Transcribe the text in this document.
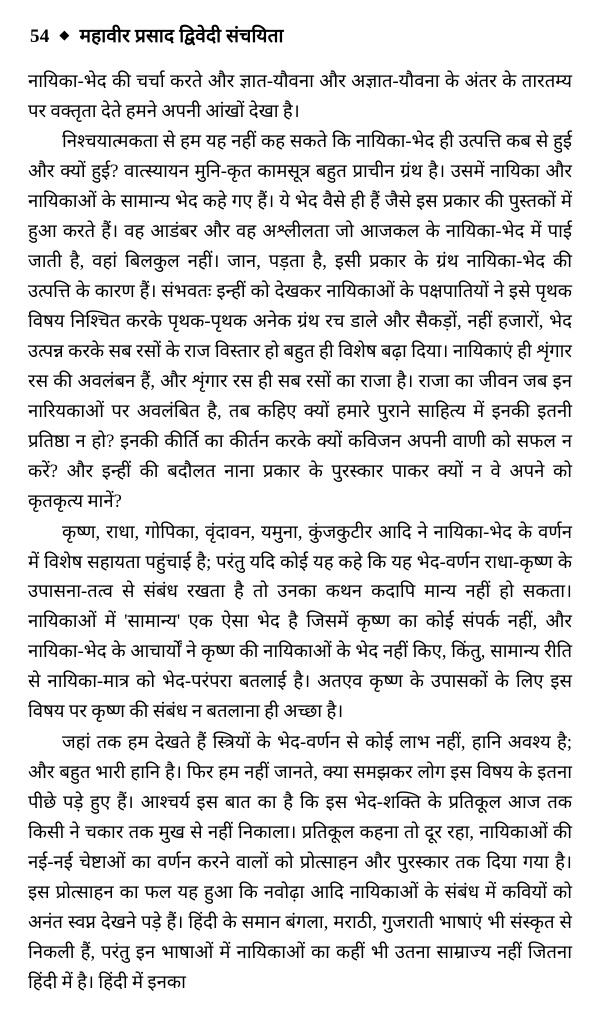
54 ◆ महावीर प्रसाद द्विवेदी संचयिता

नायिका-भेद की चर्चा करते और ज्ञात-यौवना और अज्ञात-यौवना के अंतर के तारतम्य पर वक्तृता देते हमने अपनी आंखों देखा है।

निश्चयात्मकता से हम यह नहीं कह सकते कि नायिका-भेद ही उत्पत्ति कब से हुई और क्यों हुई? वात्स्यायन मुनि-कृत कामसूत्र बहुत प्राचीन ग्रंथ है। उसमें नायिका और नायिकाओं के सामान्य भेद कहे गए हैं। ये भेद वैसे ही हैं जैसे इस प्रकार की पुस्तकों में हुआ करते हैं। वह आडंबर और वह अश्लीलता जो आजकल के नायिका-भेद में पाई जाती है, वहां बिलकुल नहीं। जान, पड़ता है, इसी प्रकार के ग्रंथ नायिका-भेद की उत्पत्ति के कारण हैं। संभवतः इन्हीं को देखकर नायिकाओं के पक्षपातियों ने इसे पृथक विषय निश्चित करके पृथक-पृथक अनेक ग्रंथ रच डाले और सैकड़ों, नहीं हजारों, भेद उत्पन्न करके सब रसों के राज विस्तार हो बहुत ही विशेष बढ़ा दिया। नायिकाएं ही शृंगार रस की अवलंबन हैं, और शृंगार रस ही सब रसों का राजा है। राजा का जीवन जब इन नारियकाओं पर अवलंबित है, तब कहिए क्यों हमारे पुराने साहित्य में इनकी इतनी प्रतिष्ठा न हो? इनकी कीर्ति का कीर्तन करके क्यों कविजन अपनी वाणी को सफल न करें? और इन्हीं की बदौलत नाना प्रकार के पुरस्कार पाकर क्यों न वे अपने को कृतकृत्य मानें?

कृष्ण, राधा, गोपिका, वृंदावन, यमुना, कुंजकुटीर आदि ने नायिका-भेद के वर्णन में विशेष सहायता पहुंचाई है; परंतु यदि कोई यह कहे कि यह भेद-वर्णन राधा-कृष्ण के उपासना-तत्व से संबंध रखता है तो उनका कथन कदापि मान्य नहीं हो सकता। नायिकाओं में 'सामान्य' एक ऐसा भेद है जिसमें कृष्ण का कोई संपर्क नहीं, और नायिका-भेद के आचार्यों ने कृष्ण की नायिकाओं के भेद नहीं किए, किंतु, सामान्य रीति से नायिका-मात्र को भेद-परंपरा बतलाई है। अतएव कृष्ण के उपासकों के लिए इस विषय पर कृष्ण की संबंध न बतलाना ही अच्छा है।

जहां तक हम देखते हैं स्त्रियों के भेद-वर्णन से कोई लाभ नहीं, हानि अवश्य है; और बहुत भारी हानि है। फिर हम नहीं जानते, क्या समझकर लोग इस विषय के इतना पीछे पड़े हुए हैं। आश्चर्य इस बात का है कि इस भेद-शक्ति के प्रतिकूल आज तक किसी ने चकार तक मुख से नहीं निकाला। प्रतिकूल कहना तो दूर रहा, नायिकाओं की नई-नई चेष्टाओं का वर्णन करने वालों को प्रोत्साहन और पुरस्कार तक दिया गया है। इस प्रोत्साहन का फल यह हुआ कि नवोढ़ा आदि नायिकाओं के संबंध में कवियों को अनंत स्वप्न देखने पड़े हैं। हिंदी के समान बंगला, मराठी, गुजराती भाषाएं भी संस्कृत से निकली हैं, परंतु इन भाषाओं में नायिकाओं का कहीं भी उतना साम्राज्य नहीं जितना हिंदी में है। हिंदी में इनका
